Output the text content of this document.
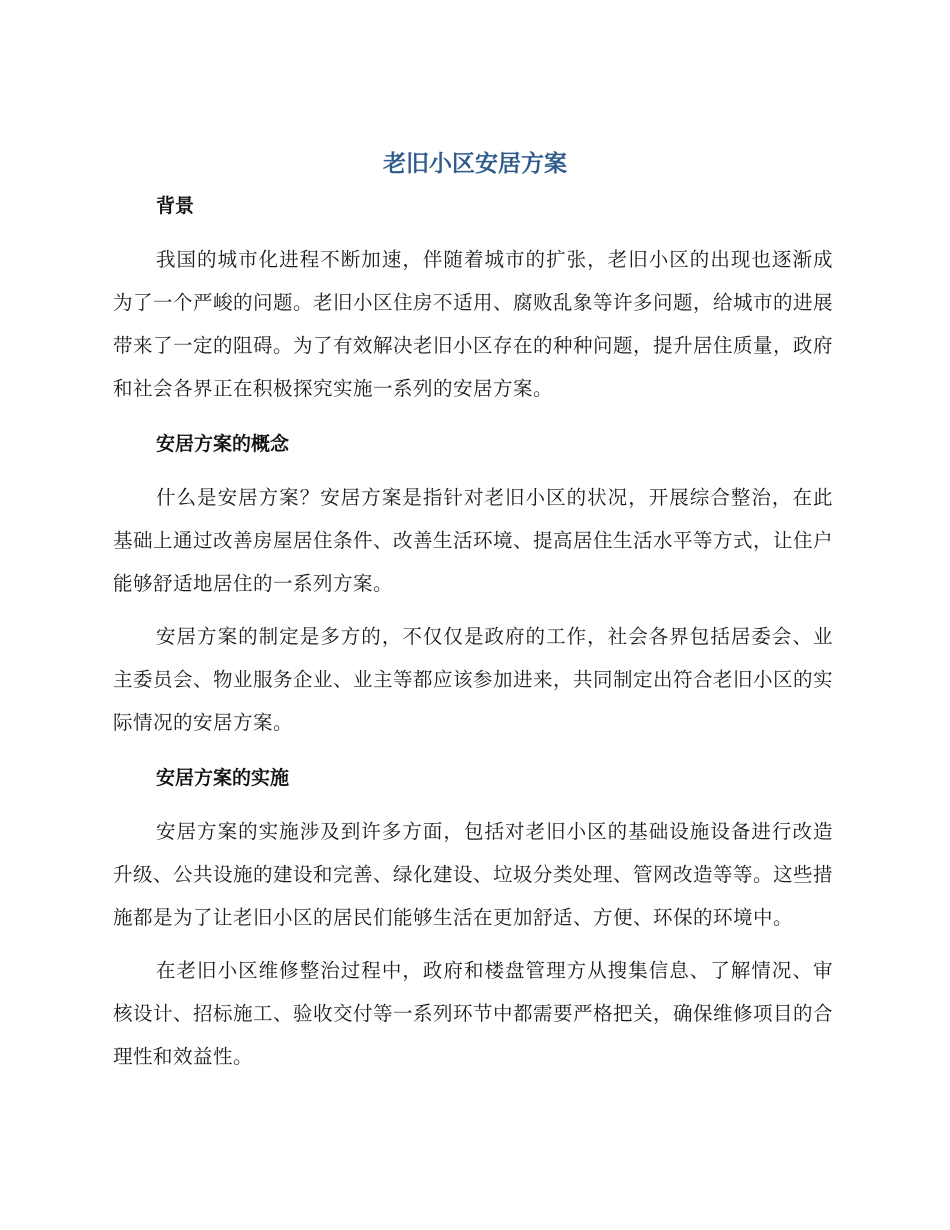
老旧小区安居方案
背景

我国的城市化进程不断加速，伴随着城市的扩张，老旧小区的出现也逐渐成为了一个严峻的问题。老旧小区住房不适用、腐败乱象等许多问题，给城市的进展带来了一定的阻碍。为了有效解决老旧小区存在的种种问题，提升居住质量，政府和社会各界正在积极探究实施一系列的安居方案。

安居方案的概念

什么是安居方案？安居方案是指针对老旧小区的状况，开展综合整治，在此基础上通过改善房屋居住条件、改善生活环境、提高居住生活水平等方式，让住户能够舒适地居住的一系列方案。

安居方案的制定是多方的，不仅仅是政府的工作，社会各界包括居委会、业主委员会、物业服务企业、业主等都应该参加进来，共同制定出符合老旧小区的实际情况的安居方案。

安居方案的实施

安居方案的实施涉及到许多方面，包括对老旧小区的基础设施设备进行改造升级、公共设施的建设和完善、绿化建设、垃圾分类处理、管网改造等等。这些措施都是为了让老旧小区的居民们能够生活在更加舒适、方便、环保的环境中。

在老旧小区维修整治过程中，政府和楼盘管理方从搜集信息、了解情况、审核设计、招标施工、验收交付等一系列环节中都需要严格把关，确保维修项目的合理性和效益性。
